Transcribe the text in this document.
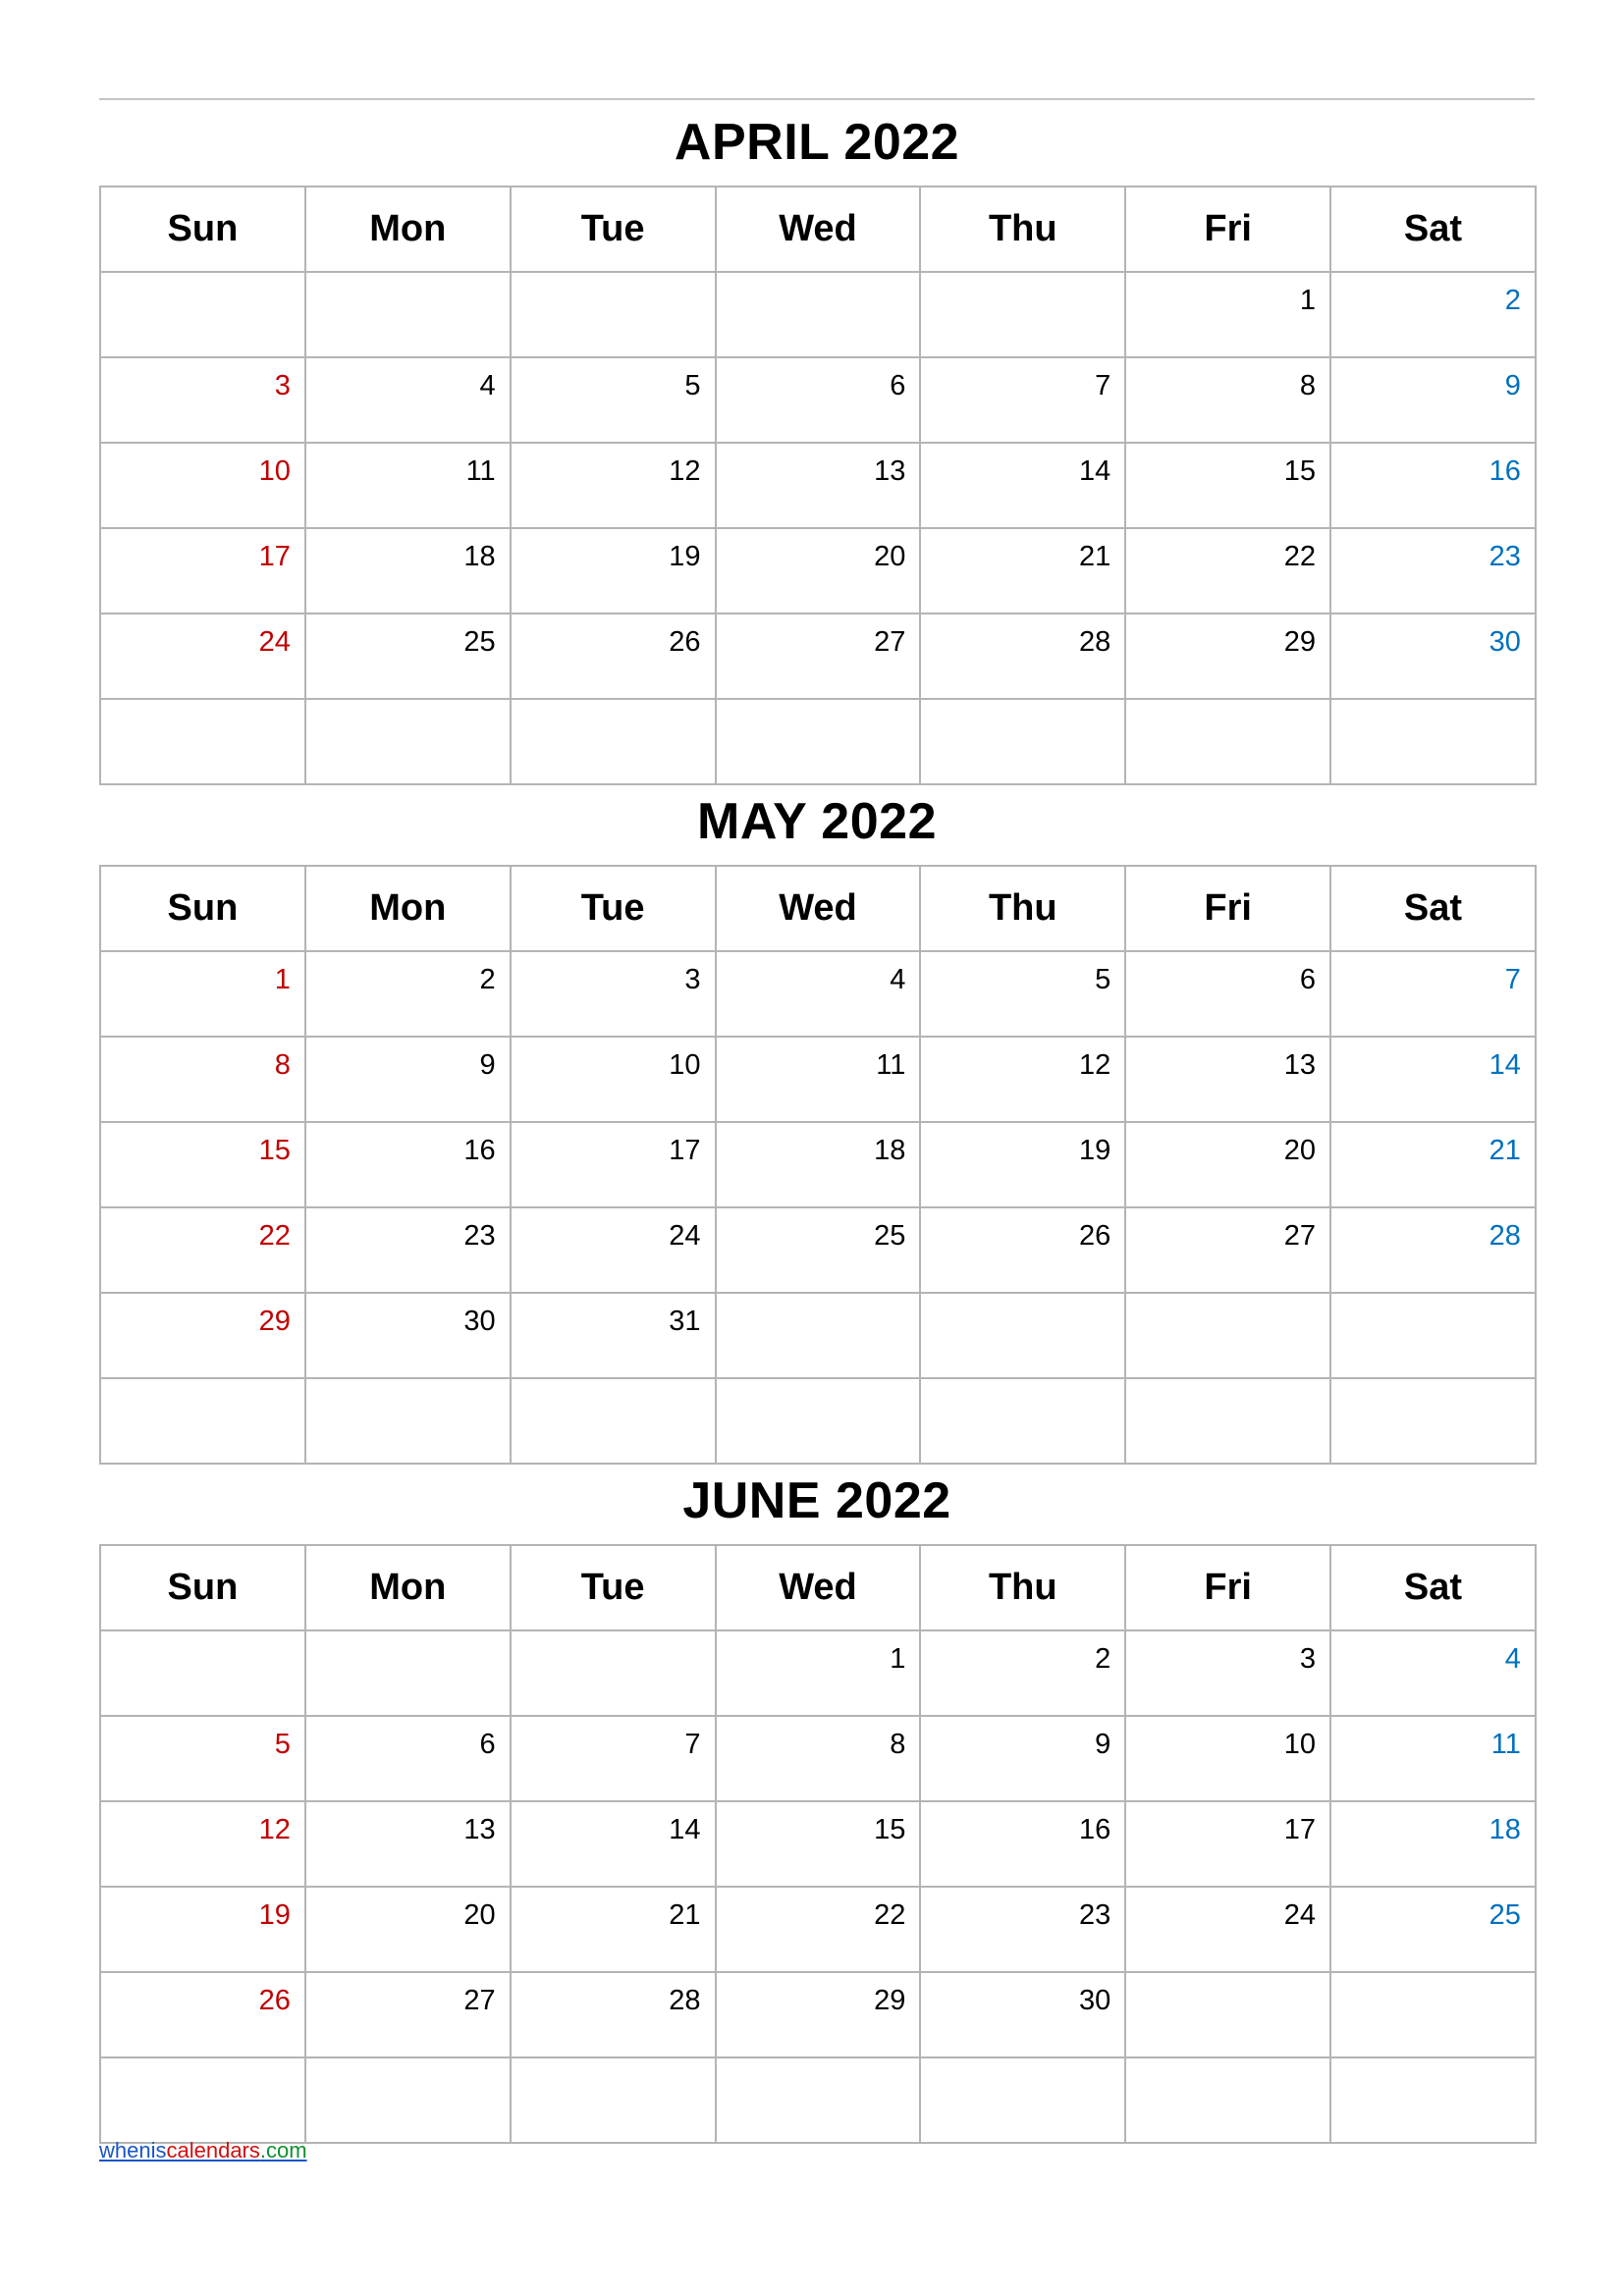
APRIL 2022
Sun	Mon	Tue	Wed	Thu	Fri	Sat

					1	2

3	4	5	6	7	8	9

10	11	12	13	14	15	16

17	18	19	20	21	22	23

24	25	26	27	28	29	30

MAY 2022
Sun	Mon	Tue	Wed	Thu	Fri	Sat

1	2	3	4	5	6	7

8	9	10	11	12	13	14

15	16	17	18	19	20	21

22	23	24	25	26	27	28

29	30	31				

JUNE 2022
Sun	Mon	Tue	Wed	Thu	Fri	Sat

			1	2	3	4

5	6	7	8	9	10	11

12	13	14	15	16	17	18

19	20	21	22	23	24	25

26	27	28	29	30		

wheniscalendars.com
